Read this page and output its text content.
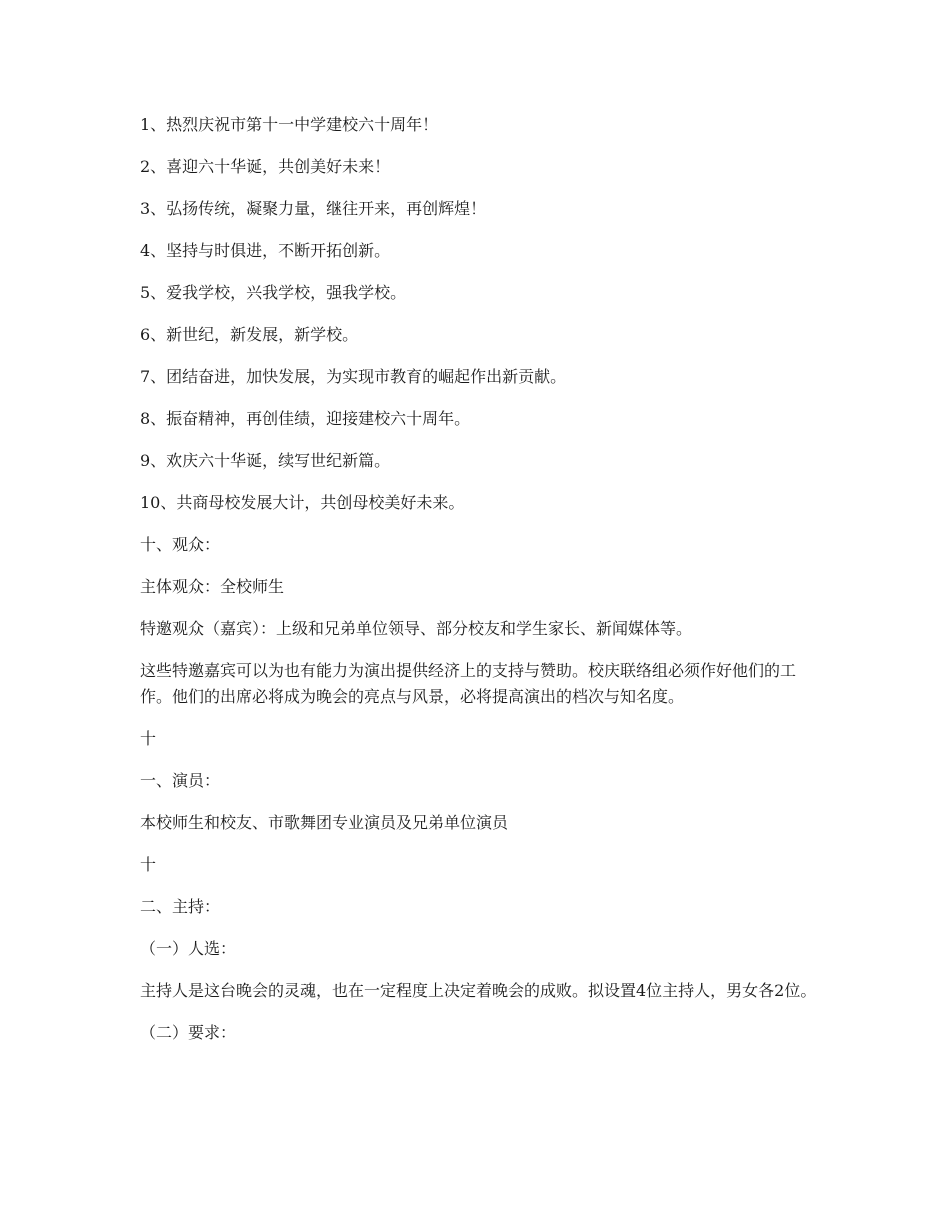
1、热烈庆祝市第十一中学建校六十周年！

2、喜迎六十华诞，共创美好未来！

3、弘扬传统，凝聚力量，继往开来，再创辉煌！

4、坚持与时俱进，不断开拓创新。

5、爱我学校，兴我学校，强我学校。

6、新世纪，新发展，新学校。

7、团结奋进，加快发展，为实现市教育的崛起作出新贡献。

8、振奋精神，再创佳绩，迎接建校六十周年。

9、欢庆六十华诞，续写世纪新篇。

10、共商母校发展大计，共创母校美好未来。

十、观众：

主体观众：全校师生

特邀观众（嘉宾）：上级和兄弟单位领导、部分校友和学生家长、新闻媒体等。

这些特邀嘉宾可以为也有能力为演出提供经济上的支持与赞助。校庆联络组必须作好他们的工作。他们的出席必将成为晚会的亮点与风景，必将提高演出的档次与知名度。

十

一、演员：

本校师生和校友、市歌舞团专业演员及兄弟单位演员

十

二、主持：

（一）人选：

主持人是这台晚会的灵魂，也在一定程度上决定着晚会的成败。拟设置4位主持人，男女各2位。

（二）要求：
